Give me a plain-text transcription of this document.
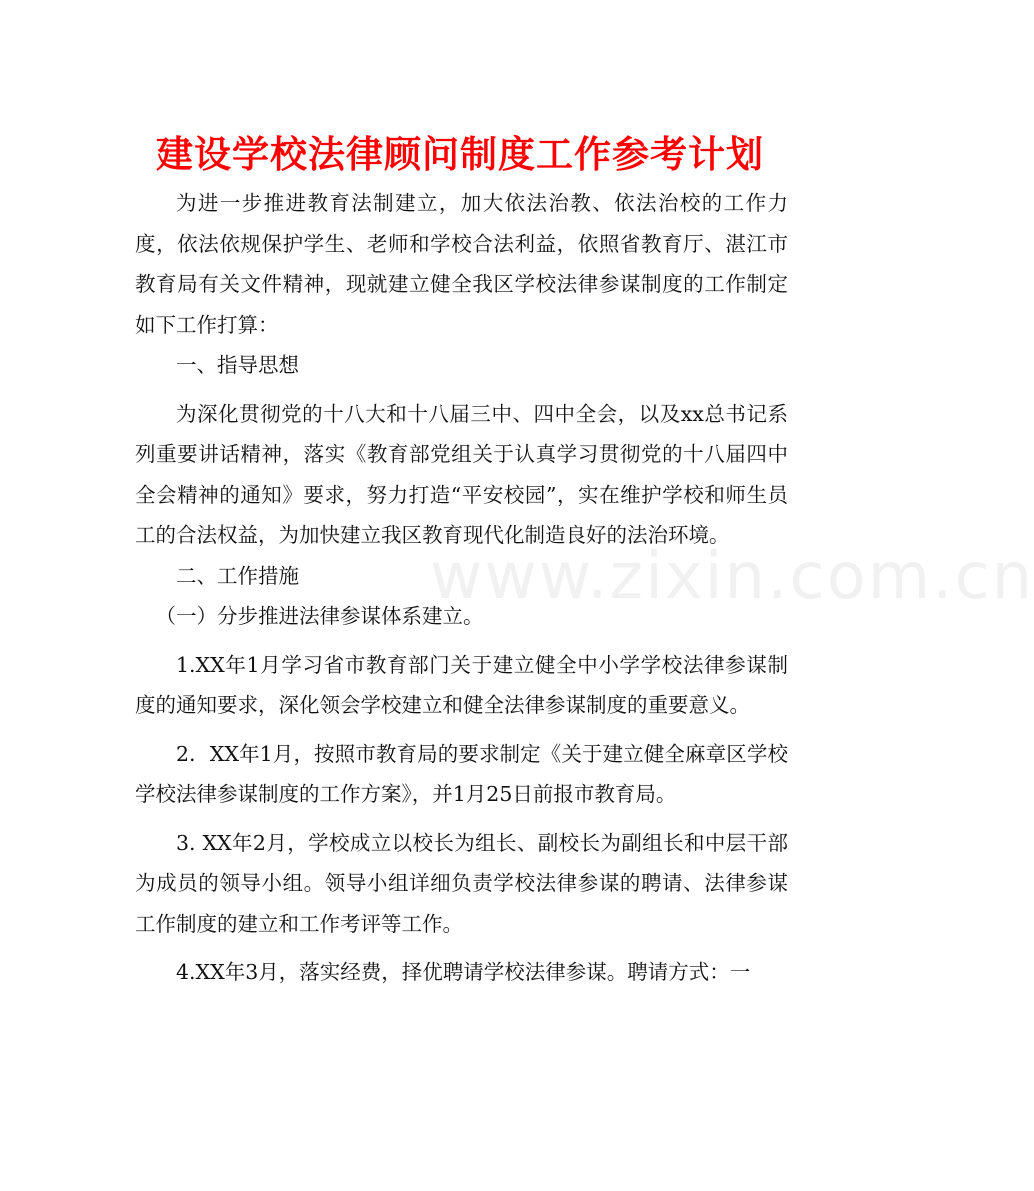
www.zixin.com.cn
建设学校法律顾问制度工作参考计划

为进一步推进教育法制建立，加大依法治教、依法治校的工作力度，依法依规保护学生、老师和学校合法利益，依照省教育厅、湛江市教育局有关文件精神，现就建立健全我区学校法律参谋制度的工作制定如下工作打算：

一、指导思想

为深化贯彻党的十八大和十八届三中、四中全会，以及xx总书记系列重要讲话精神，落实《教育部党组关于认真学习贯彻党的十八届四中全会精神的通知》要求，努力打造“平安校园”，实在维护学校和师生员工的合法权益，为加快建立我区教育现代化制造良好的法治环境。

二、工作措施

（一）分步推进法律参谋体系建立。

1.XX年1月学习省市教育部门关于建立健全中小学学校法律参谋制度的通知要求，深化领会学校建立和健全法律参谋制度的重要意义。

2．XX年1月，按照市教育局的要求制定《关于建立健全麻章区学校学校法律参谋制度的工作方案》，并1月25日前报市教育局。

3. XX年2月，学校成立以校长为组长、副校长为副组长和中层干部为成员的领导小组。领导小组详细负责学校法律参谋的聘请、法律参谋工作制度的建立和工作考评等工作。

4.XX年3月，落实经费，择优聘请学校法律参谋。聘请方式：一
